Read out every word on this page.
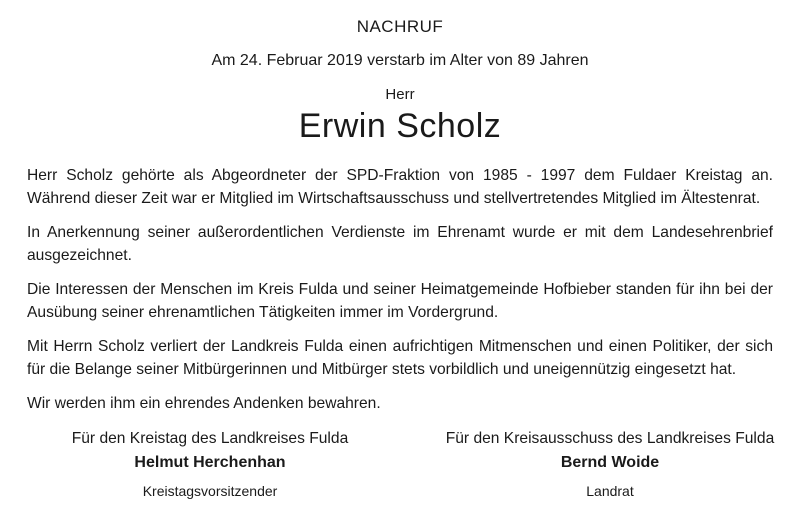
NACHRUF
Am 24. Februar 2019 verstarb im Alter von 89 Jahren
Herr
Erwin Scholz

Herr Scholz gehörte als Abgeordneter der SPD-Fraktion von 1985 - 1997 dem Fuldaer Kreistag an. Während dieser Zeit war er Mitglied im Wirtschaftsausschuss und stellvertretendes Mitglied im Ältestenrat.

In Anerkennung seiner außerordentlichen Verdienste im Ehrenamt wurde er mit dem Landesehrenbrief ausgezeichnet.

Die Interessen der Menschen im Kreis Fulda und seiner Heimatgemeinde Hofbieber standen für ihn bei der Ausübung seiner ehrenamtlichen Tätigkeiten immer im Vordergrund.

Mit Herrn Scholz verliert der Landkreis Fulda einen aufrichtigen Mitmenschen und einen Politiker, der sich für die Belange seiner Mitbürgerinnen und Mitbürger stets vorbildlich und uneigennützig eingesetzt hat.

Wir werden ihm ein ehrendes Andenken bewahren.

Für den Kreistag des Landkreises Fulda
Helmut Herchenhan
Kreistagsvorsitzender
Für den Kreisausschuss des Landkreises Fulda
Bernd Woide
Landrat
